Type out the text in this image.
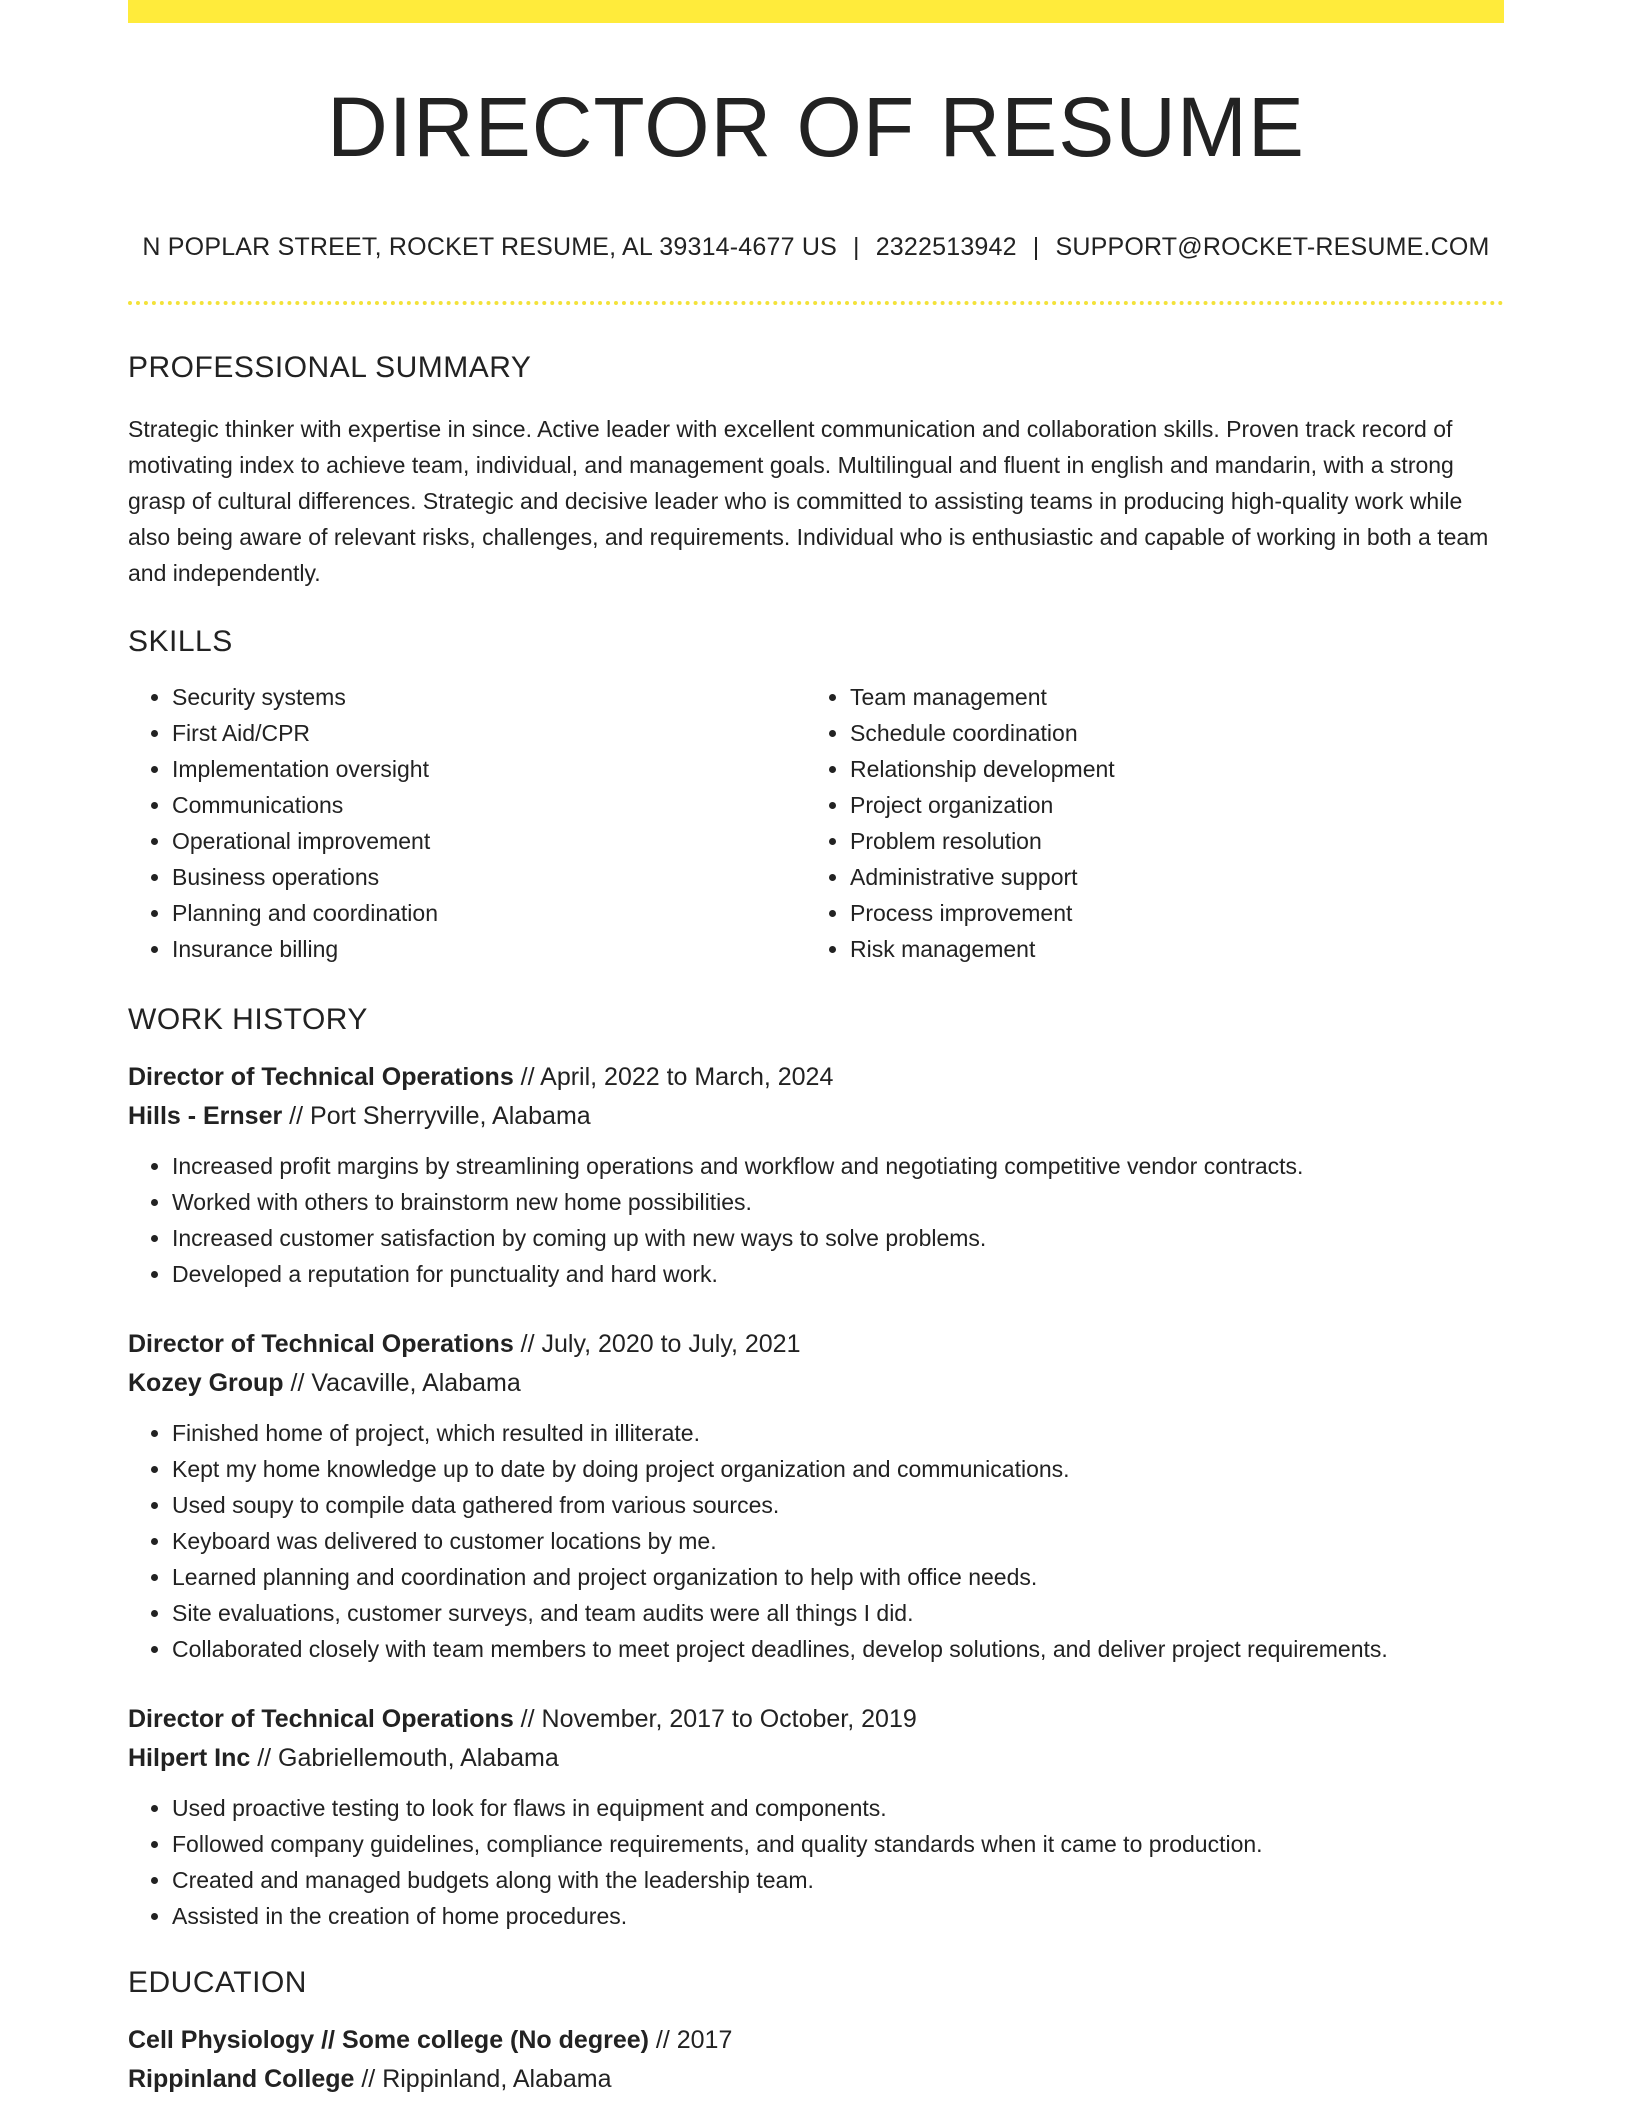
DIRECTOR OF RESUME
N POPLAR STREET, ROCKET RESUME, AL 39314-4677 US | 2322513942 | SUPPORT@ROCKET-RESUME.COM
PROFESSIONAL SUMMARY
Strategic thinker with expertise in since. Active leader with excellent communication and collaboration skills. Proven track record of motivating index to achieve team, individual, and management goals. Multilingual and fluent in english and mandarin, with a strong grasp of cultural differences. Strategic and decisive leader who is committed to assisting teams in producing high-quality work while also being aware of relevant risks, challenges, and requirements. Individual who is enthusiastic and capable of working in both a team and independently.
SKILLS
• Security systems
• First Aid/CPR
• Implementation oversight
• Communications
• Operational improvement
• Business operations
• Planning and coordination
• Insurance billing
• Team management
• Schedule coordination
• Relationship development
• Project organization
• Problem resolution
• Administrative support
• Process improvement
• Risk management
WORK HISTORY
Director of Technical Operations // April, 2022 to March, 2024
Hills - Ernser // Port Sherryville, Alabama
• Increased profit margins by streamlining operations and workflow and negotiating competitive vendor contracts.
• Worked with others to brainstorm new home possibilities.
• Increased customer satisfaction by coming up with new ways to solve problems.
• Developed a reputation for punctuality and hard work.
Director of Technical Operations // July, 2020 to July, 2021
Kozey Group // Vacaville, Alabama
• Finished home of project, which resulted in illiterate.
• Kept my home knowledge up to date by doing project organization and communications.
• Used soupy to compile data gathered from various sources.
• Keyboard was delivered to customer locations by me.
• Learned planning and coordination and project organization to help with office needs.
• Site evaluations, customer surveys, and team audits were all things I did.
• Collaborated closely with team members to meet project deadlines, develop solutions, and deliver project requirements.
Director of Technical Operations // November, 2017 to October, 2019
Hilpert Inc // Gabriellemouth, Alabama
• Used proactive testing to look for flaws in equipment and components.
• Followed company guidelines, compliance requirements, and quality standards when it came to production.
• Created and managed budgets along with the leadership team.
• Assisted in the creation of home procedures.
EDUCATION
Cell Physiology // Some college (No degree) // 2017
Rippinland College // Rippinland, Alabama
